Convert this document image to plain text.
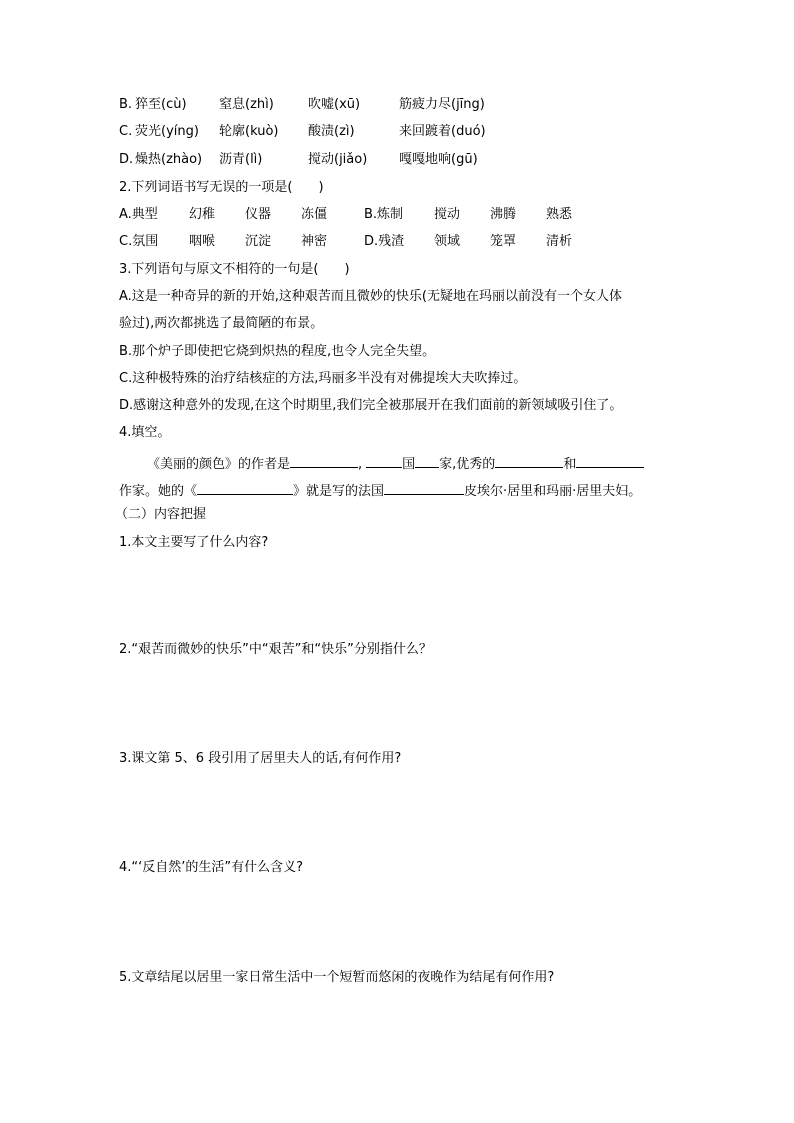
B. 猝至(cù) 窒息(zhì)	吹嘘(xū)	筋疲力尽(jīng)
C. 荧光(yíng) 轮廓(kuò) 酸渍(zì)	来回踱着(duó)
D. 燥热(zhào) 沥青(lì)	搅动(jiǎo) 嘎嘎地响(gū)
2.下列词语书写无误的一项是( )
A.典型 幻稚 仪器 冻僵	B.炼制 搅动 沸腾 熟悉
C.氛围 咽喉 沉淀 神密	D.残渣 领域 笼罩 清析
3.下列语句与原文不相符的一句是( )
A.这是一种奇异的新的开始,这种艰苦而且微妙的快乐(无疑地在玛丽以前没有一个女人体
验过),两次都挑选了最简陋的布景。
B.那个炉子即使把它烧到炽热的程度,也令人完全失望。
C.这种极特殊的治疗结核症的方法,玛丽多半没有对佛提埃大夫吹捧过。
D.感谢这种意外的发现,在这个时期里,我们完全被那展开在我们面前的新领域吸引住了。
4.填空。
《美丽的颜色》的作者是	,	国 家,优秀的	和
作家。她的《	》就是写的法国	皮埃尔·居里和玛丽·居里夫妇。
（二）内容把握
1.本文主要写了什么内容?
2.“艰苦而微妙的快乐”中“艰苦”和“快乐”分别指什么？
3.课文第 5、6 段引用了居里夫人的话,有何作用?
4.“‘反自然’的生活”有什么含义?
5.文章结尾以居里一家日常生活中一个短暂而悠闲的夜晚作为结尾有何作用?
